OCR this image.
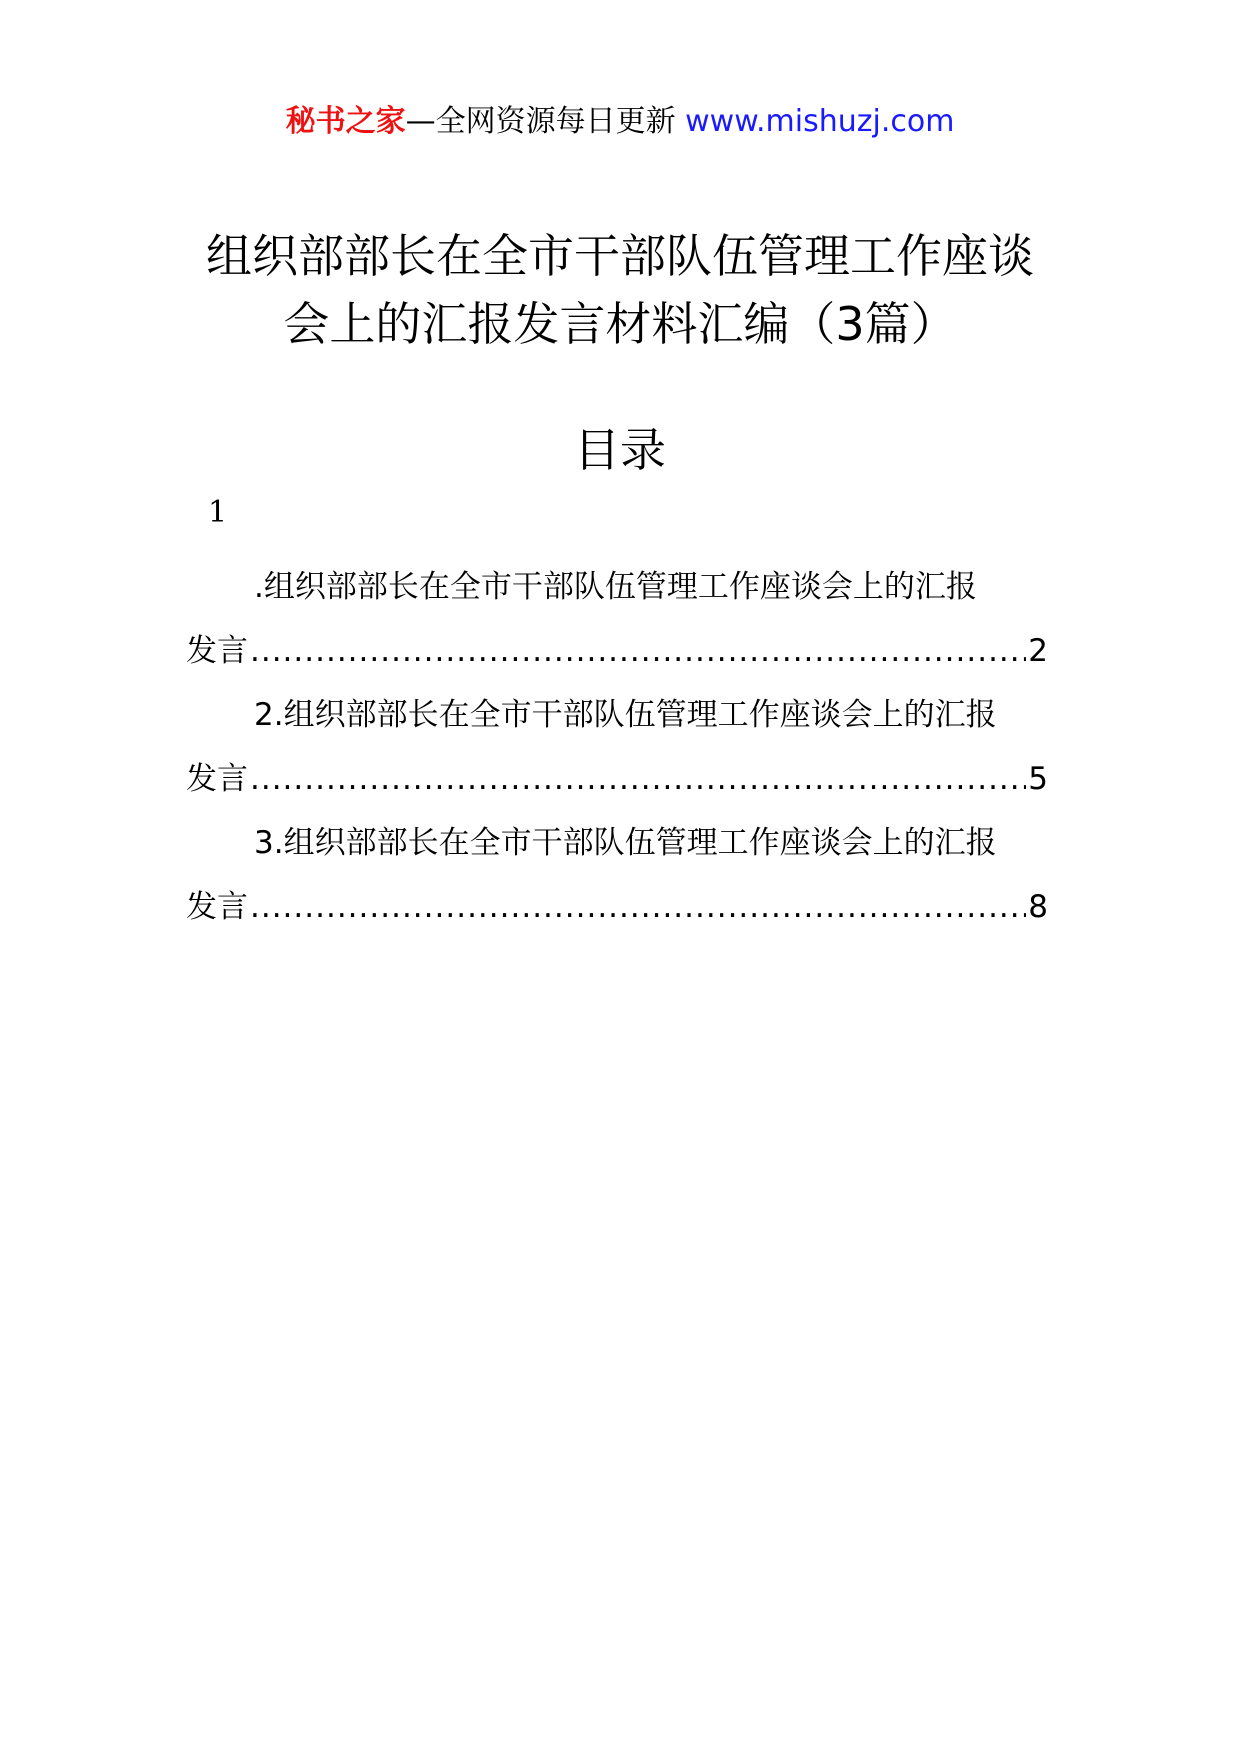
秘书之家—全网资源每日更新 www.mishuzj.com
组织部部长在全市干部队伍管理工作座谈
会上的汇报发言材料汇编（3篇）
目录
1
.组织部部长在全市干部队伍管理工作座谈会上的汇报
发言 .....	2
2.组织部部长在全市干部队伍管理工作座谈会上的汇报
发言 .....	5
3.组织部部长在全市干部队伍管理工作座谈会上的汇报
发言 .....	8
